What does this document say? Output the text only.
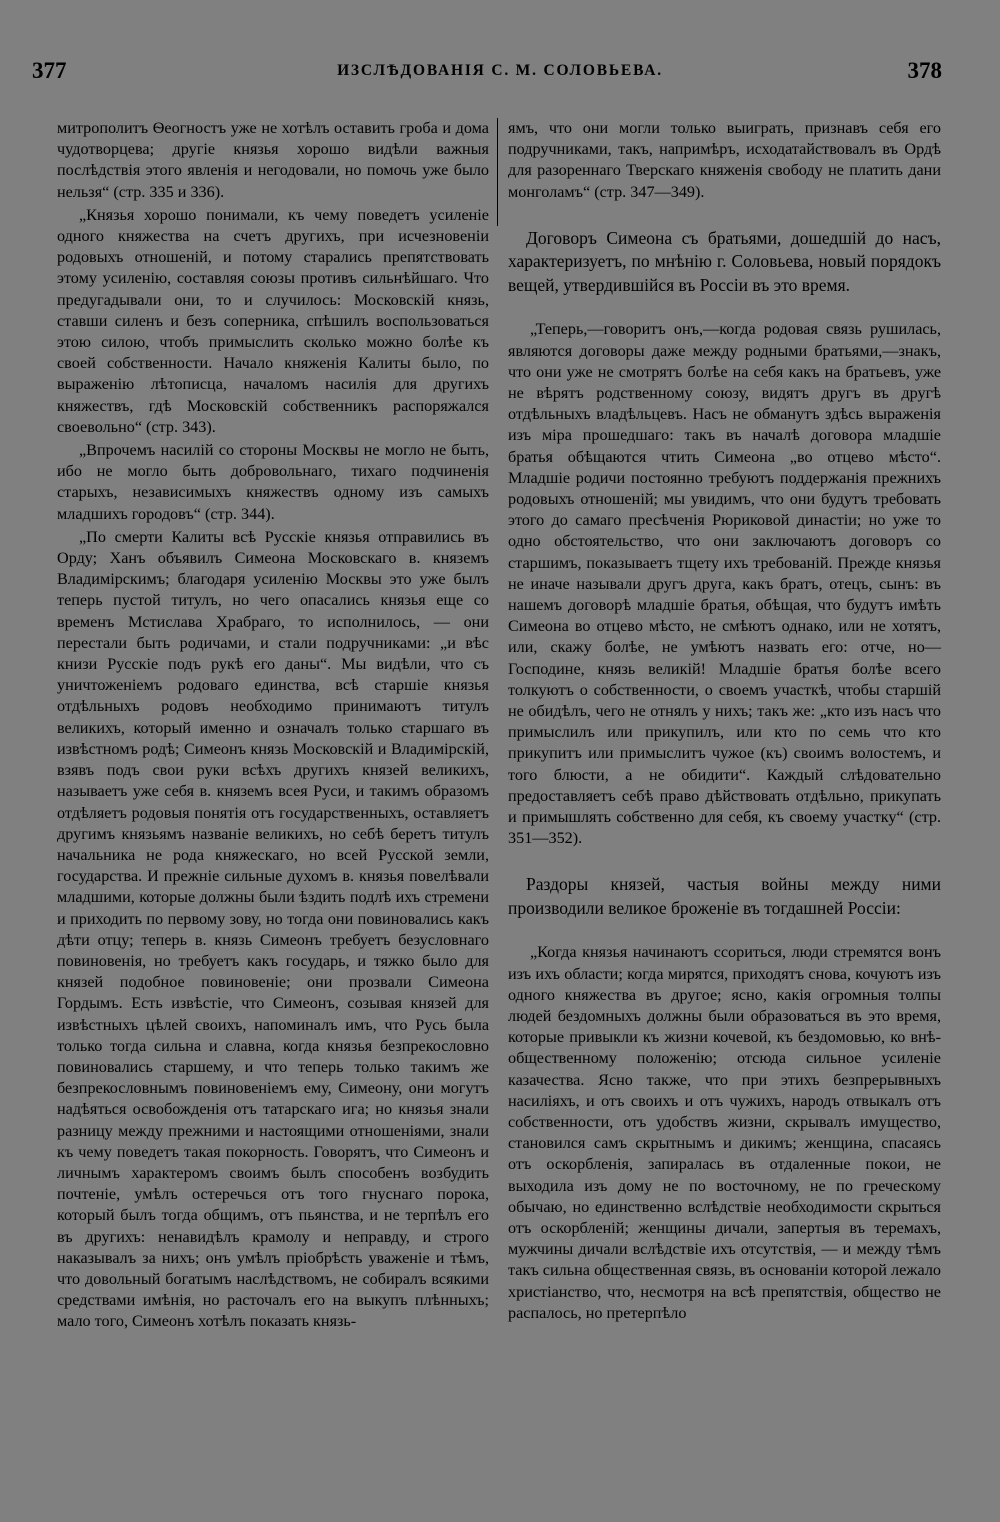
377	ИЗСЛѢДОВАНІЯ С. М. СОЛОВЬЕВА.	378

митрополитъ Ѳеогностъ уже не хотѣлъ оставить гроба и дома чудотворцева; другіе князья хорошо видѣли важныя послѣдствія этого явленія и негодовали, но помочь уже было нельзя“ (стр. 335 и 336).

„Князья хорошо понимали, къ чему поведетъ усиленіе одного княжества на счетъ другихъ, при исчезновеніи родовыхъ отношеній, и потому старались препятствовать этому усиленію, составляя союзы противъ сильнѣйшаго. Что предугадывали они, то и случилось: Московскій князь, ставши силенъ и безъ соперника, спѣшилъ воспользоваться этою силою, чтобъ примыслить сколько можно болѣе къ своей собственности. Начало княженія Калиты было, по выраженію лѣтописца, началомъ насилія для другихъ княжествъ, гдѣ Московскій собственникъ распоряжался своевольно“ (стр. 343).

„Впрочемъ насилій со стороны Москвы не могло не быть, ибо не могло быть добровольнаго, тихаго подчиненія старыхъ, независимыхъ княжествъ одному изъ самыхъ младшихъ городовъ“ (стр. 344).

„По смерти Калиты всѣ Русскіе князья отправились въ Орду; Ханъ объявилъ Симеона Московскаго в. княземъ Владимірскимъ; благодаря усиленію Москвы это уже былъ теперь пустой титулъ, но чего опасались князья еще со временъ Мстислава Храбраго, то исполнилось, — они перестали быть родичами, и стали подручниками: „и вѣс книзи Русскіе подъ рукѣ его даны“. Мы видѣли, что съ уничтоженіемъ родоваго единства, всѣ старшіе князья отдѣльныхъ родовъ необходимо принимаютъ титулъ великихъ, который именно и означалъ только старшаго въ извѣстномъ родѣ; Симеонъ князь Московскій и Владимірскій, взявъ подъ свои руки всѣхъ другихъ князей великихъ, называетъ уже себя в. княземъ всея Руси, и такимъ образомъ отдѣляетъ родовыя понятія отъ государственныхъ, оставляетъ другимъ князьямъ названіе великихъ, но себѣ беретъ титулъ начальника не рода княжескаго, но всей Русской земли, государства. И прежніе сильные духомъ в. князья повелѣвали младшими, которые должны были ѣздить подлѣ ихъ стремени и приходить по первому зову, но тогда они повиновались какъ дѣти отцу; теперь в. князь Симеонъ требуетъ безусловнаго повиновенія, но требуетъ какъ государь, и тяжко было для князей подобное повиновеніе; они прозвали Симеона Гордымъ. Есть извѣстіе, что Симеонъ, созывая князей для извѣстныхъ цѣлей своихъ, напоминалъ имъ, что Русь была только тогда сильна и славна, когда князья безпрекословно повиновались старшему, и что теперь только такимъ же безпрекословнымъ повиновеніемъ ему, Симеону, они могутъ надѣяться освобожденія отъ татарскаго ига; но князья знали разницу между прежними и настоящими отношеніями, знали къ чему поведетъ такая покорность. Говорятъ, что Симеонъ и личнымъ характеромъ своимъ былъ способенъ возбудить почтеніе, умѣлъ остеречься отъ того гнуснаго порока, который былъ тогда общимъ, отъ пьянства, и не терпѣлъ его въ другихъ: ненавидѣлъ крамолу и неправду, и строго наказывалъ за нихъ; онъ умѣлъ пріобрѣсть уваженіе и тѣмъ, что довольный богатымъ наслѣдствомъ, не собиралъ всякими средствами имѣнія, но расточалъ его на выкупъ плѣнныхъ; мало того, Симеонъ хотѣлъ показать князь-

ямъ, что они могли только выиграть, признавъ себя его подручниками, такъ, напримѣръ, исходатайствовалъ въ Ордѣ для разореннаго Тверскаго княженія свободу не платить дани монголамъ“ (стр. 347—349).

Договоръ Симеона съ братьями, дошедшій до насъ, характеризуетъ, по мнѣнію г. Соловьева, новый порядокъ вещей, утвердившійся въ Россіи въ это время.

„Теперь,—говоритъ онъ,—когда родовая связь рушилась, являются договоры даже между родными братьями,—знакъ, что они уже не смотрятъ болѣе на себя какъ на братьевъ, уже не вѣрятъ родственному союзу, видятъ другъ въ другѣ отдѣльныхъ владѣльцевъ. Насъ не обманутъ здѣсь выраженія изъ міра прошедшаго: такъ въ началѣ договора младшіе братья обѣщаются чтить Симеона „во отцево мѣсто“. Младшіе родичи постоянно требуютъ поддержанія прежнихъ родовыхъ отношеній; мы увидимъ, что они будутъ требовать этого до самаго пресѣченія Рюриковой династіи; но уже то одно обстоятельство, что они заключаютъ договоръ со старшимъ, показываетъ тщету ихъ требованій. Прежде князья не иначе называли другъ друга, какъ братъ, отецъ, сынъ: въ нашемъ договорѣ младшіе братья, обѣщая, что будутъ имѣть Симеона во отцево мѣсто, не смѣютъ однако, или не хотятъ, или, скажу болѣе, не умѣютъ назвать его: отче, но—Господине, князь великій! Младшіе братья болѣе всего толкуютъ о собственности, о своемъ участкѣ, чтобы старшій не обидѣлъ, чего не отнялъ у нихъ; такъ же: „кто изъ насъ что примыслилъ или прикупилъ, или кто по семь что кто прикупитъ или примыслитъ чужое (къ) своимъ волостемъ, и того блюсти, а не обидити“. Каждый слѣдовательно предоставляетъ себѣ право дѣйствовать отдѣльно, прикупать и примышлять собственно для себя, къ своему участку“ (стр. 351—352).

Раздоры князей, частыя войны между ними производили великое броженіе въ тогдашней Россіи:

„Когда князья начинаютъ ссориться, люди стремятся вонъ изъ ихъ области; когда мирятся, приходятъ снова, кочуютъ изъ одного княжества въ другое; ясно, какія огромныя толпы людей бездомныхъ должны были образоваться въ это время, которые привыкли къ жизни кочевой, къ бездомовью, ко внѣ-общественному положенію; отсюда сильное усиленіе казачества. Ясно также, что при этихъ безпрерывныхъ насиліяхъ, и отъ своихъ и отъ чужихъ, народъ отвыкалъ отъ собственности, отъ удобствъ жизни, скрывалъ имущество, становился самъ скрытнымъ и дикимъ; женщина, спасаясь отъ оскорбленія, запиралась въ отдаленные покои, не выходила изъ дому не по восточному, не по греческому обычаю, но единственно вслѣдствіе необходимости скрыться отъ оскорбленій; женщины дичали, запертыя въ теремахъ, мужчины дичали вслѣдствіе ихъ отсутствія, — и между тѣмъ такъ сильна общественная связь, въ основаніи которой лежало христіанство, что, несмотря на всѣ препятствія, общество не распалось, но претерпѣло
